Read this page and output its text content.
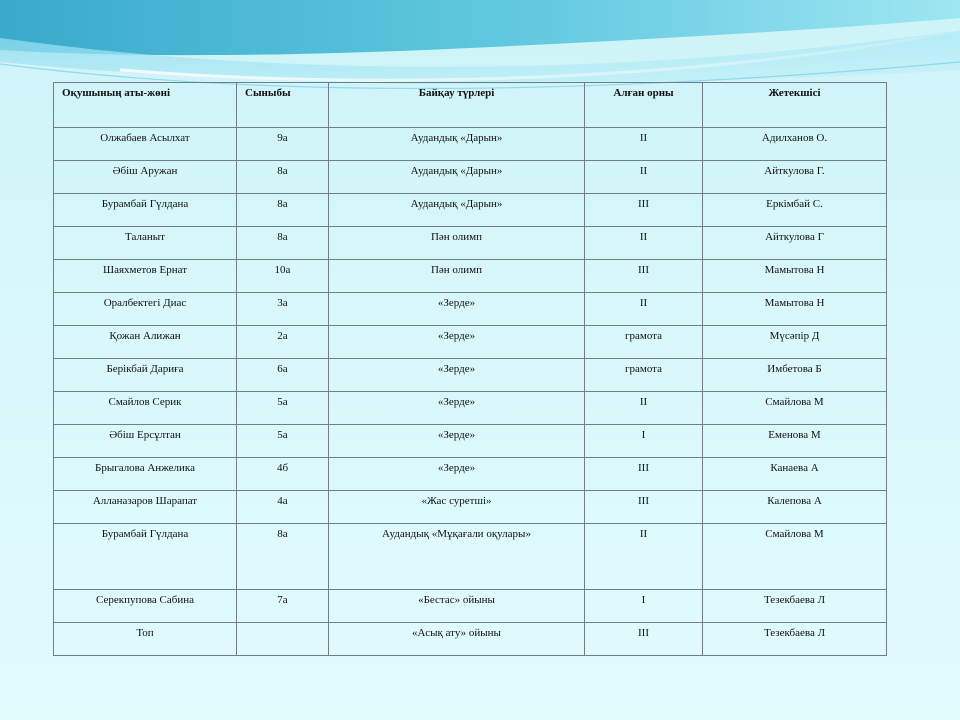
Оқушының аты-жөні	Сыныбы	Байқау түрлері	Алған орны	Жетекшісі
Олжабаев Асылхат	9а	Аудандық «Дарын»	ІІ	Адилханов О.
Әбіш Аружан	8а	Аудандық «Дарын»	ІІ	Айткулова Г.
Бурамбай Гүлдана	8а	Аудандық «Дарын»	ІІІ	Еркімбай С.
Таланыт	8а	Пән олимп	ІІ	Айткулова Г
Шаяхметов Ернат	10а	Пән олимп	ІІІ	Мамытова Н
Оралбектегі Диас	3а	«Зерде»	ІІ	Мамытова Н
Қожан Алижан	2а	«Зерде»	грамота	Мүсәпір Д
Берікбай Дариға	6а	«Зерде»	грамота	Имбетова Б
Смайлов Серик	5а	«Зерде»	ІІ	Смайлова М
Әбіш Ерсұлтан	5а	«Зерде»	І	Еменова М
Брыгалова Анжелика	4б	«Зерде»	ІІІ	Канаева А
Алланазаров Шарапат	4а	«Жас суретші»	ІІІ	Калепова А
Бурамбай Гүлдана	8а	Аудандық «Мұқағали оқулары»	ІІ	Смайлова М
Серекпупова Сабина	7а	«Бестас» ойыны	І	Тезекбаева Л
Топ		«Асық ату» ойыны	ІІІ	Тезекбаева Л
